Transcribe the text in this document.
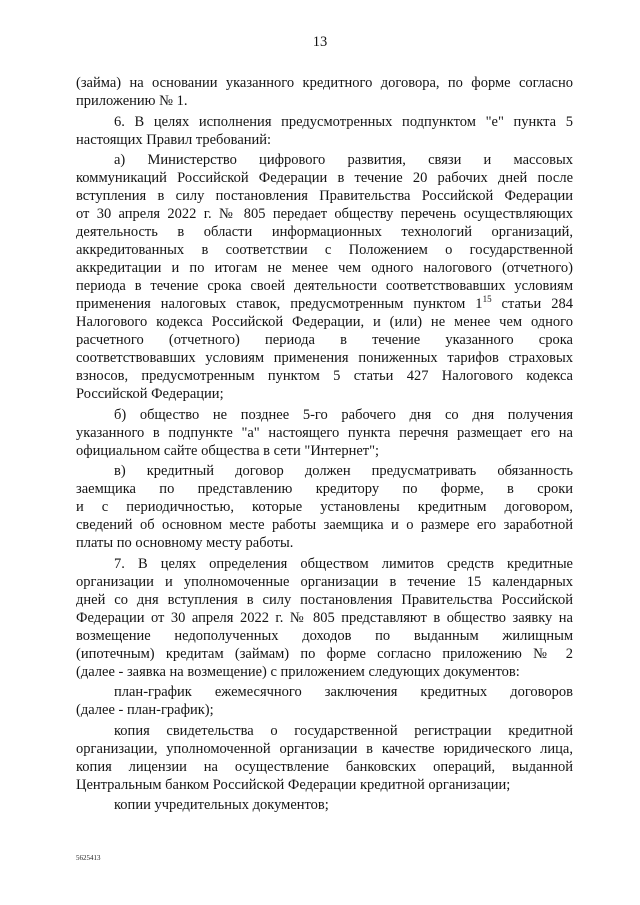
13
(займа) на основании указанного кредитного договора, по форме согласно
приложению № 1.
6. В целях исполнения предусмотренных подпунктом "е" пункта 5
настоящих Правил требований:
а) Министерство цифрового развития, связи и массовых
коммуникаций Российской Федерации в течение 20 рабочих дней после
вступления в силу постановления Правительства Российской Федерации
от 30 апреля 2022 г. № 805 передает обществу перечень осуществляющих
деятельность в области информационных технологий организаций,
аккредитованных в соответствии с Положением о государственной
аккредитации и по итогам не менее чем одного налогового (отчетного)
периода в течение срока своей деятельности соответствовавших условиям
применения налоговых ставок, предусмотренным пунктом $1^{15}$ статьи 284
Налогового кодекса Российской Федерации, и (или) не менее чем одного
расчетного (отчетного) периода в течение указанного срока
соответствовавших условиям применения пониженных тарифов страховых
взносов, предусмотренным пунктом 5 статьи 427 Налогового кодекса
Российской Федерации;
б) общество не позднее 5-го рабочего дня со дня получения
указанного в подпункте "а" настоящего пункта перечня размещает его на
официальном сайте общества в сети "Интернет";
в) кредитный договор должен предусматривать обязанность
заемщика по представлению кредитору по форме, в сроки
и с периодичностью, которые установлены кредитным договором,
сведений об основном месте работы заемщика и о размере его заработной
платы по основному месту работы.
7. В целях определения обществом лимитов средств кредитные
организации и уполномоченные организации в течение 15 календарных
дней со дня вступления в силу постановления Правительства Российской
Федерации от 30 апреля 2022 г. № 805 представляют в общество заявку на
возмещение недополученных доходов по выданным жилищным
(ипотечным) кредитам (займам) по форме согласно приложению № 2
(далее - заявка на возмещение) с приложением следующих документов:
план-график ежемесячного заключения кредитных договоров
(далее - план-график);
копия свидетельства о государственной регистрации кредитной
организации, уполномоченной организации в качестве юридического лица,
копия лицензии на осуществление банковских операций, выданной
Центральным банком Российской Федерации кредитной организации;
копии учредительных документов;
5625413
